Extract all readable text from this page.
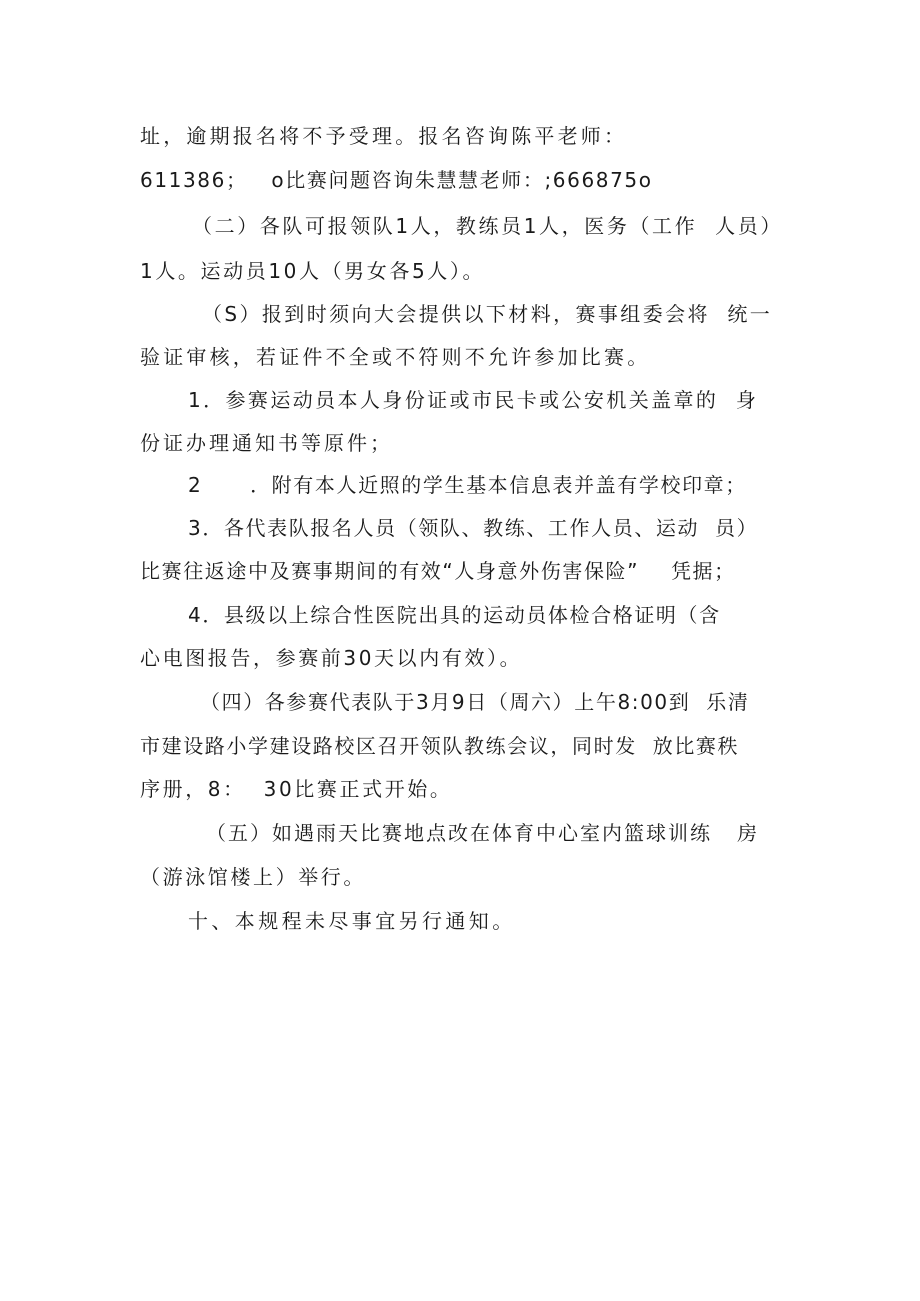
址，逾期报名将不予受理。报名咨询陈平老师：
611386；   o比赛问题咨询朱慧慧老师：;666875o
（二）各队可报领队1人，教练员1人，医务（工作  人员）
1人。运动员10人（男女各5人）。
（S）报到时须向大会提供以下材料，赛事组委会将  统一
验证审核，若证件不全或不符则不允许参加比赛。
1．参赛运动员本人身份证或市民卡或公安机关盖章的  身
份证办理通知书等原件；
2      ．附有本人近照的学生基本信息表并盖有学校印章；
3．各代表队报名人员（领队、教练、工作人员、运动  员）
比赛往返途中及赛事期间的有效“人身意外伤害保险”    凭据；
4．县级以上综合性医院出具的运动员体检合格证明（含
心电图报告，参赛前30天以内有效）。
（四）各参赛代表队于3月9日（周六）上午8:00到  乐清
市建设路小学建设路校区召开领队教练会议，同时发  放比赛秩
序册，8：  30比赛正式开始。
（五）如遇雨天比赛地点改在体育中心室内篮球训练   房
（游泳馆楼上）举行。
十、本规程未尽事宜另行通知。
